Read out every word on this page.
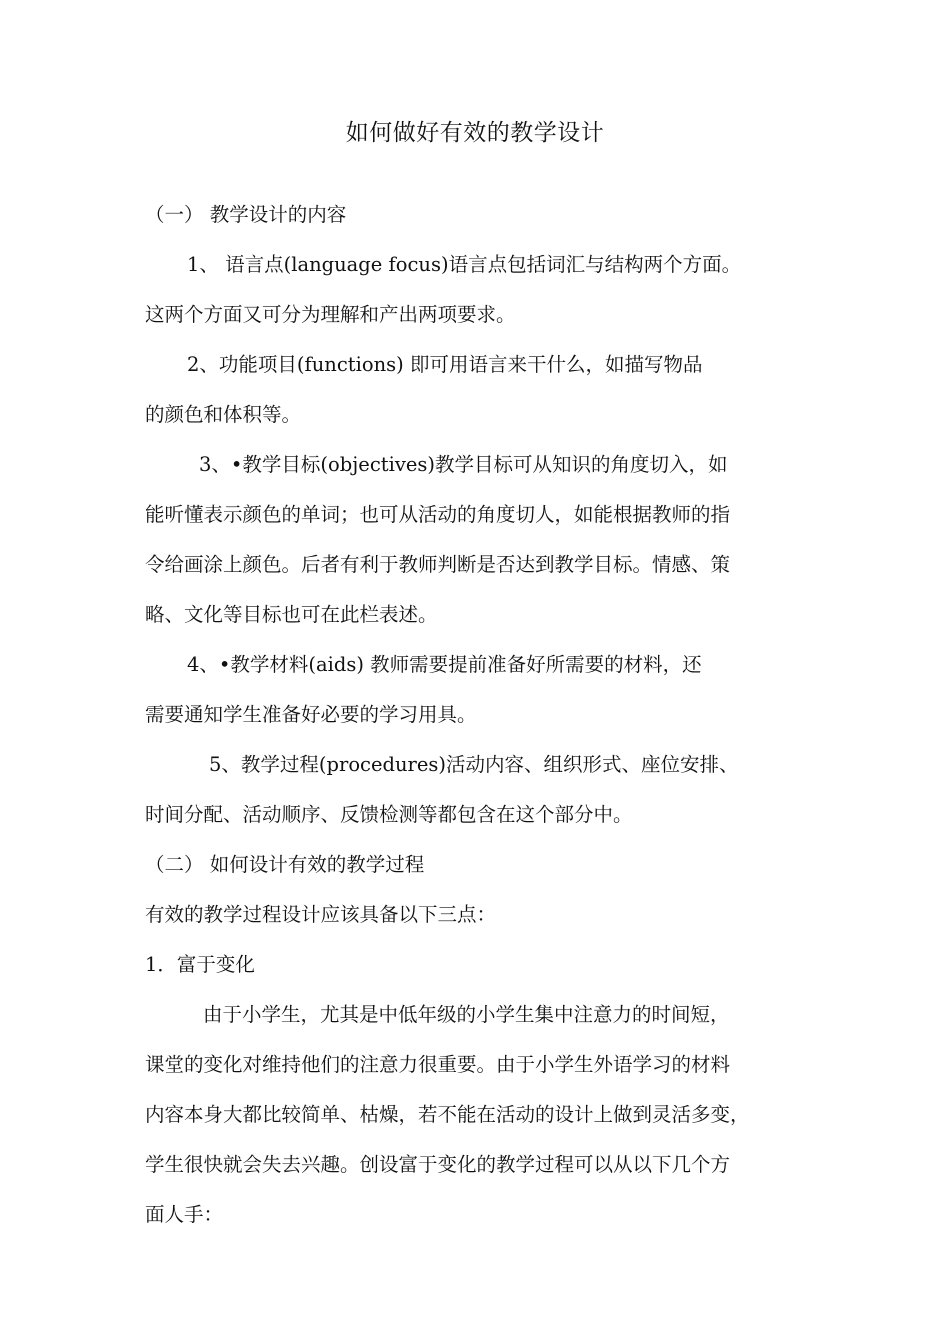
如何做好有效的教学设计

（一） 教学设计的内容

1、 语言点(language focus)语言点包括词汇与结构两个方面。

这两个方面又可分为理解和产出两项要求。

2、功能项目(functions) 即可用语言来干什么，如描写物品

的颜色和体积等。

3、•教学目标(objectives)教学目标可从知识的角度切入，如

能听懂表示颜色的单词；也可从活动的角度切人，如能根据教师的指

令给画涂上颜色。后者有利于教师判断是否达到教学目标。情感、策

略、文化等目标也可在此栏表述。

4、•教学材料(aids) 教师需要提前准备好所需要的材料，还

需要通知学生准备好必要的学习用具。

5、教学过程(procedures)活动内容、组织形式、座位安排、

时间分配、活动顺序、反馈检测等都包含在这个部分中。

（二） 如何设计有效的教学过程

有效的教学过程设计应该具备以下三点：

1．富于变化

由于小学生，尤其是中低年级的小学生集中注意力的时间短，

课堂的变化对维持他们的注意力很重要。由于小学生外语学习的材料

内容本身大都比较简单、枯燥，若不能在活动的设计上做到灵活多变，

学生很快就会失去兴趣。创设富于变化的教学过程可以从以下几个方

面人手：
